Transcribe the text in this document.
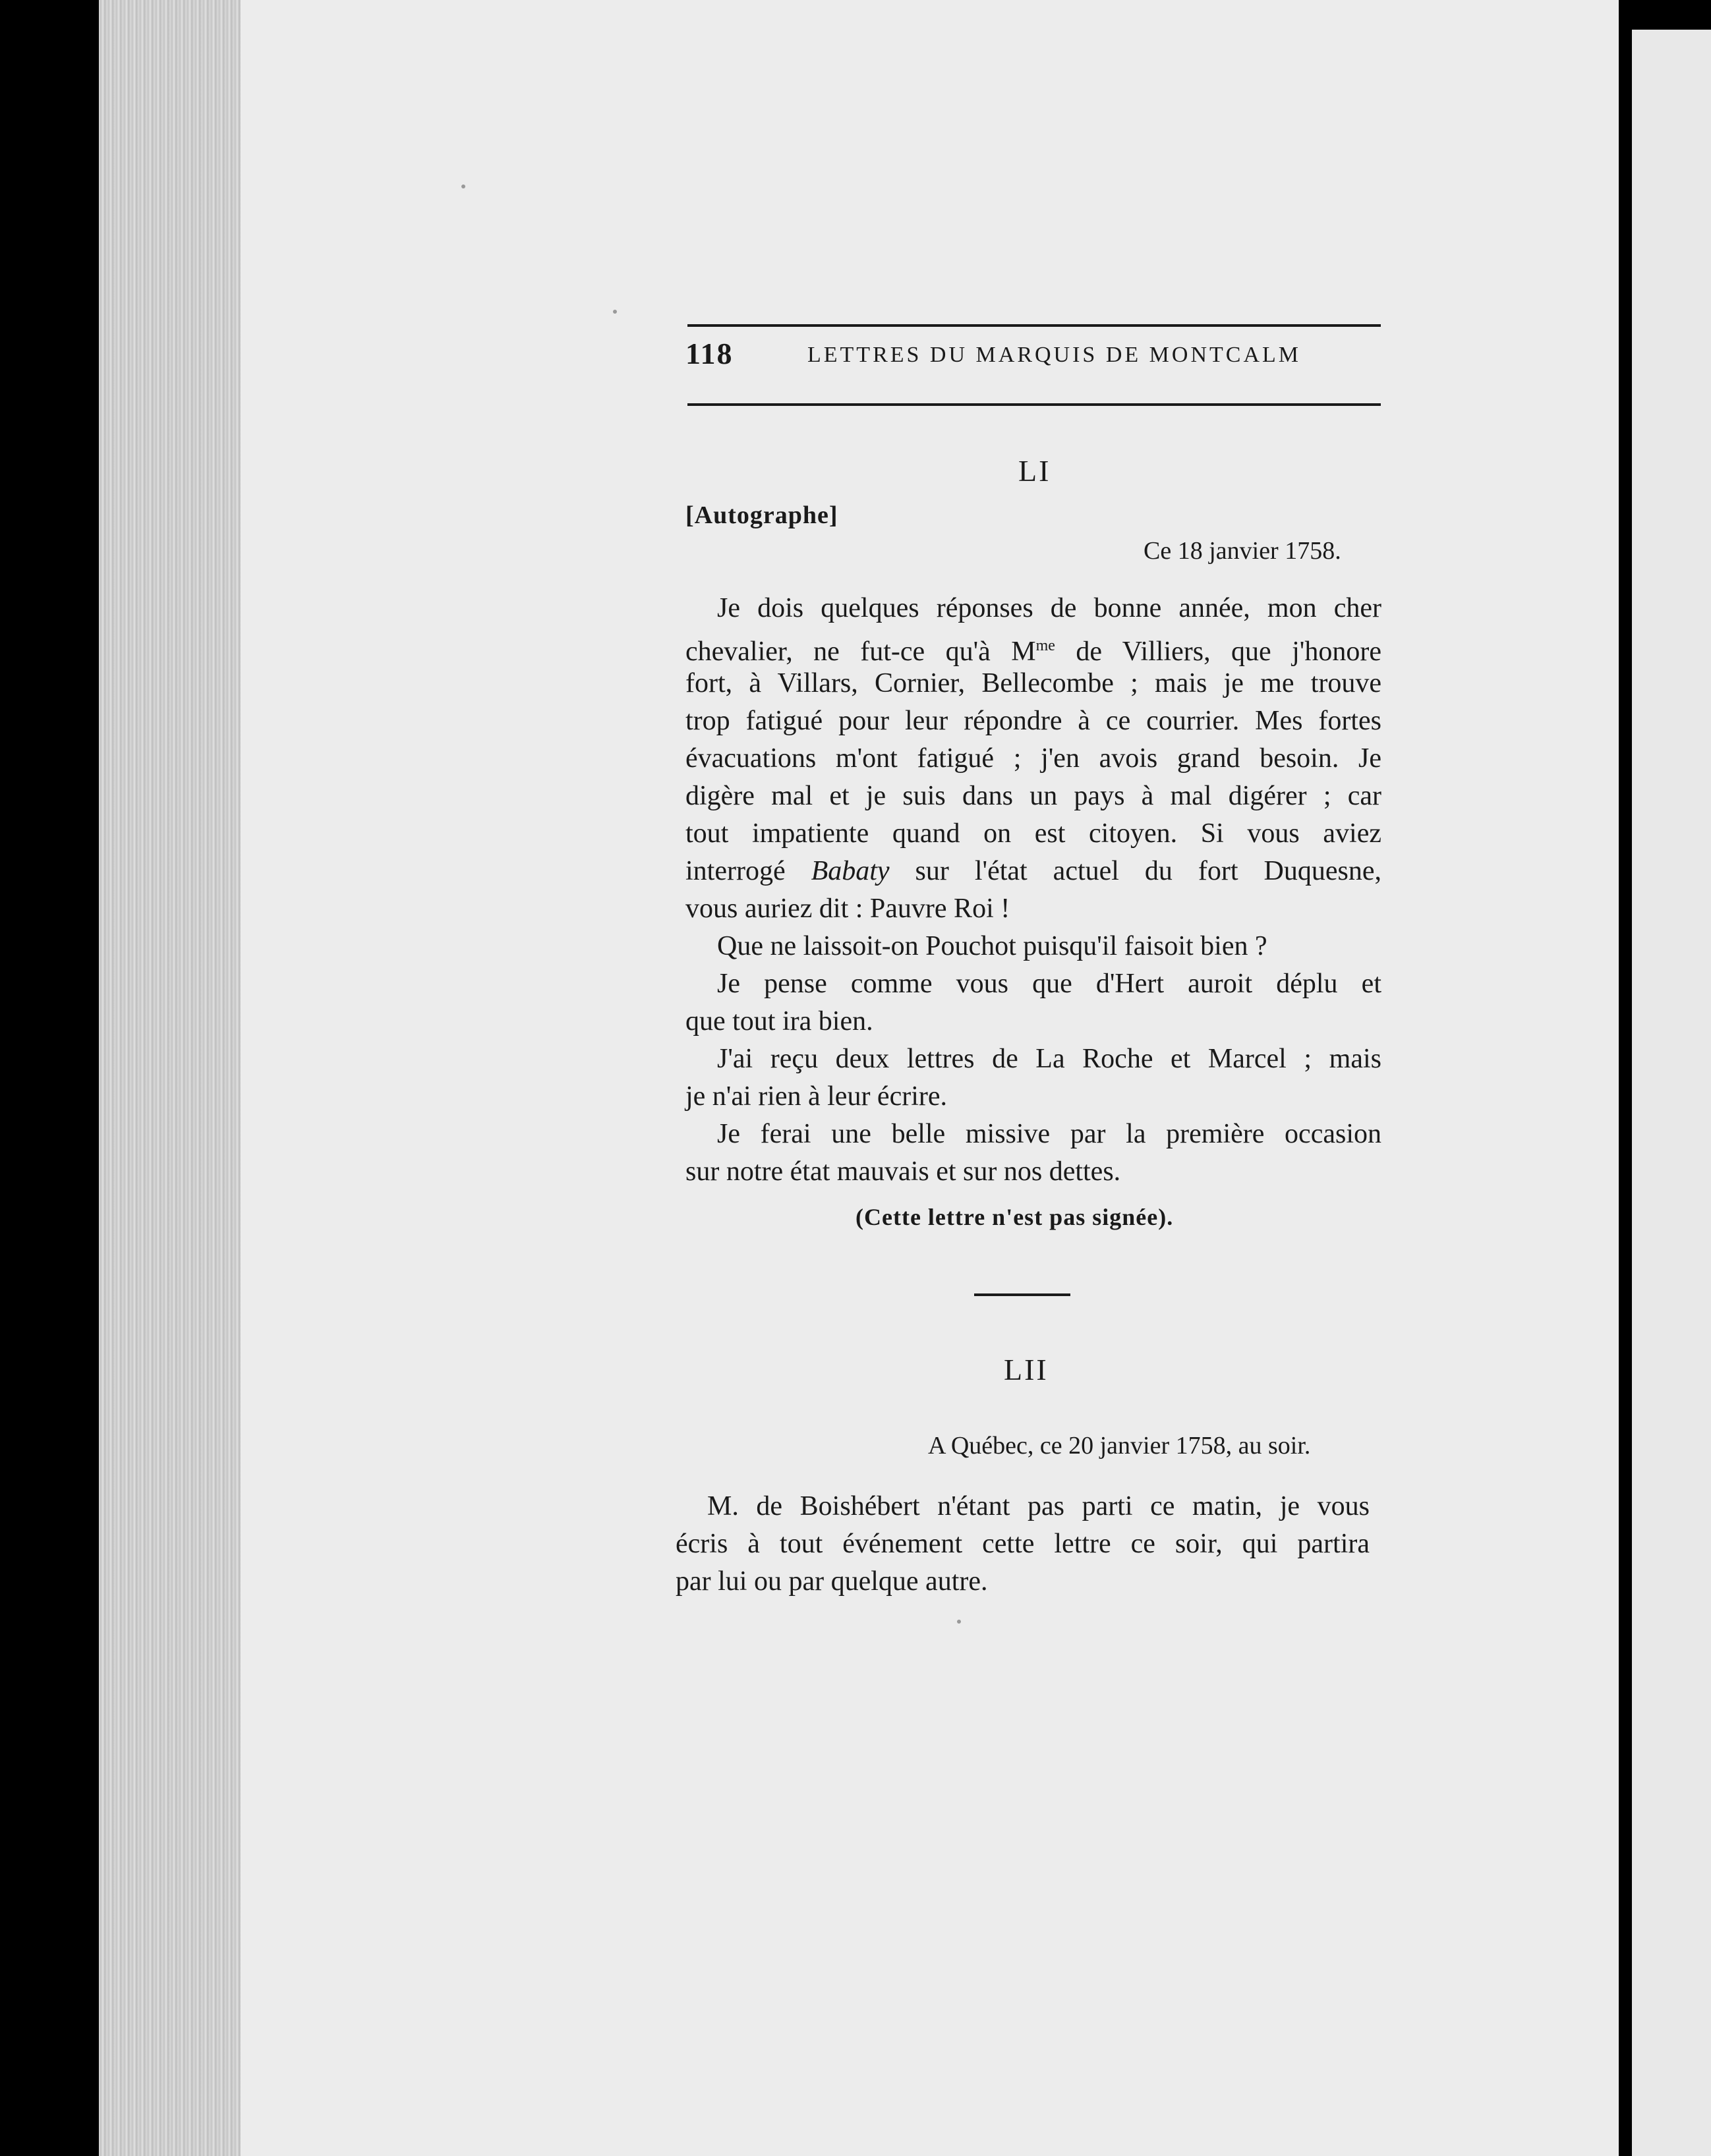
118	LETTRES DU MARQUIS DE MONTCALM
LI
[Autographe]
Ce 18 janvier 1758.
Je dois quelques réponses de bonne année, mon cher
chevalier, ne fut-ce qu'à $M^{me}$ de Villiers, que j'honore
fort, à Villars, Cornier, Bellecombe ; mais je me trouve
trop fatigué pour leur répondre à ce courrier. Mes fortes
évacuations m'ont fatigué ; j'en avois grand besoin. Je
digère mal et je suis dans un pays à mal digérer ; car
tout impatiente quand on est citoyen. Si vous aviez
interrogé Babaty sur l'état actuel du fort Duquesne,
vous auriez dit : Pauvre Roi !
Que ne laissoit-on Pouchot puisqu'il faisoit bien ?
Je pense comme vous que d'Hert auroit déplu et
que tout ira bien.
J'ai reçu deux lettres de La Roche et Marcel ; mais
je n'ai rien à leur écrire.
Je ferai une belle missive par la première occasion
sur notre état mauvais et sur nos dettes.
(Cette lettre n'est pas signée).
LII
A Québec, ce 20 janvier 1758, au soir.
M. de Boishébert n'étant pas parti ce matin, je vous
écris à tout événement cette lettre ce soir, qui partira
par lui ou par quelque autre.
